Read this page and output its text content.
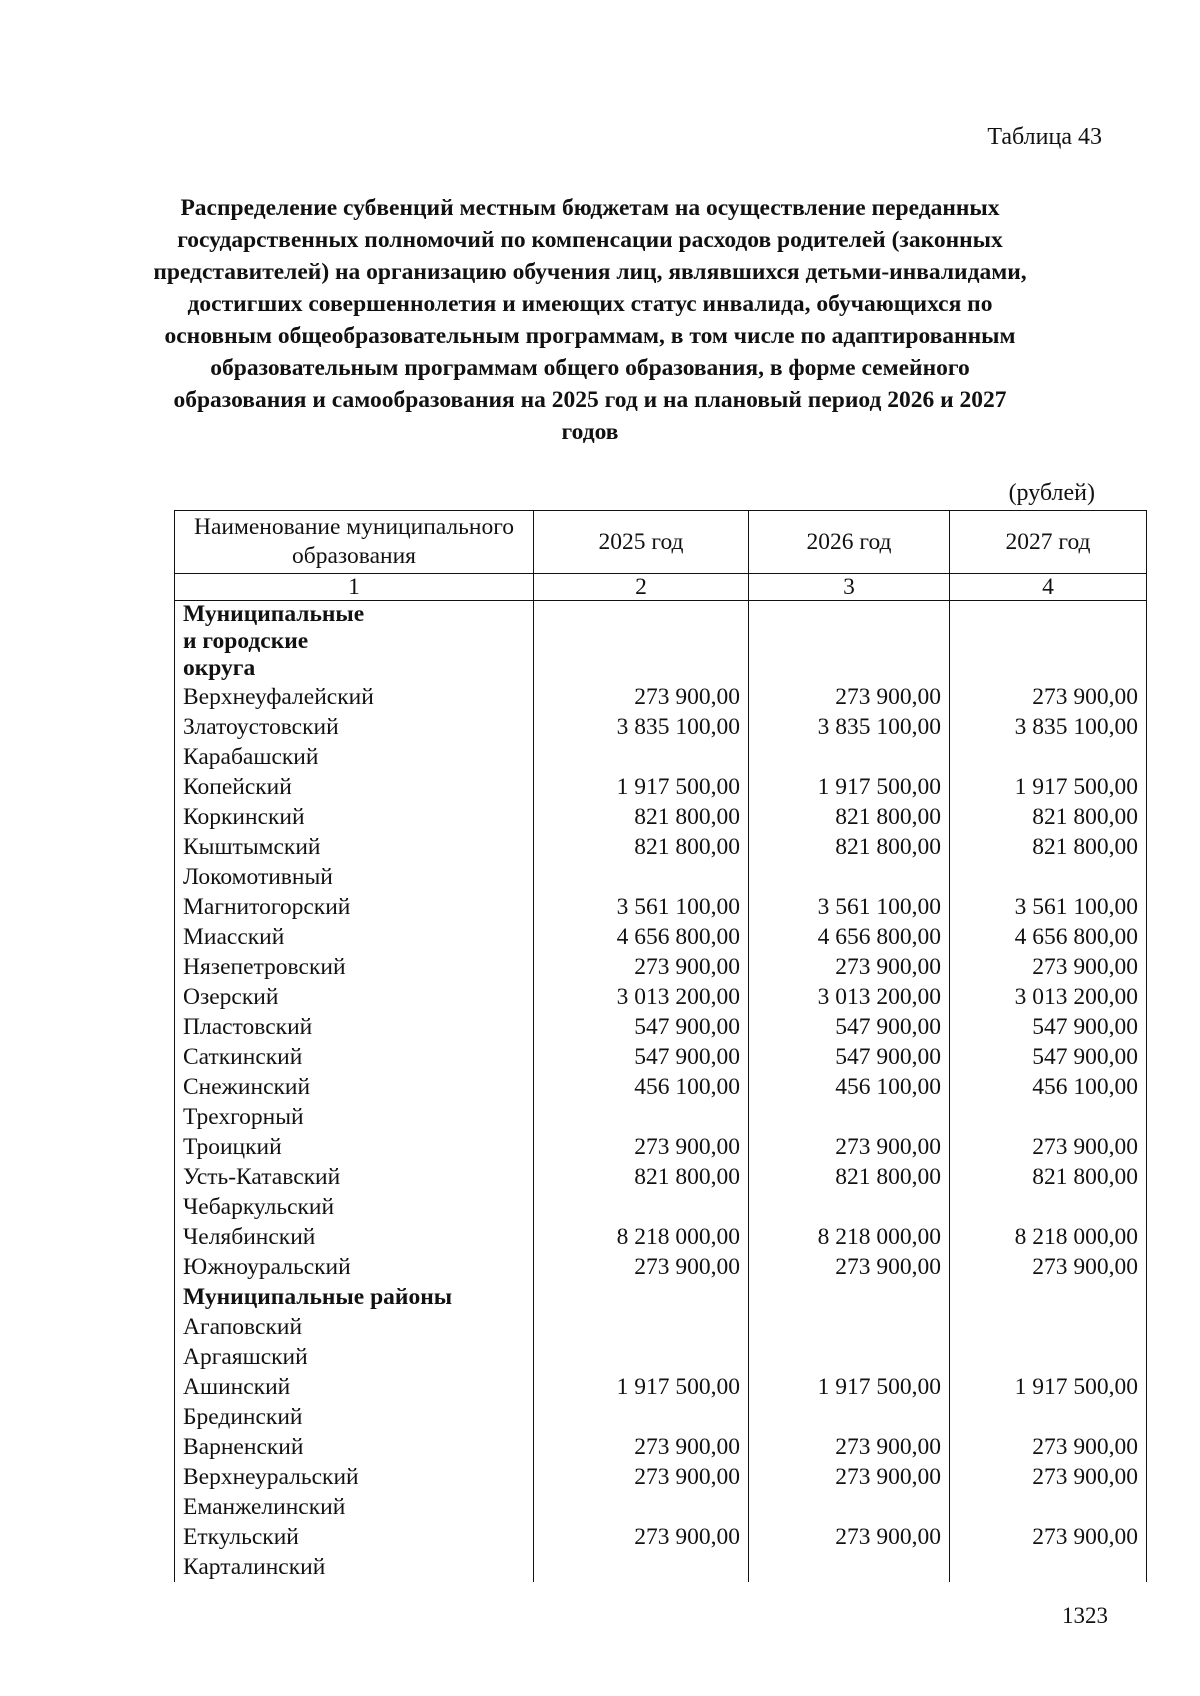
Таблица 43
Распределение субвенций местным бюджетам на осуществление переданных государственных полномочий по компенсации расходов родителей (законных представителей) на организацию обучения лиц, являвшихся детьми-инвалидами, достигших совершеннолетия и имеющих статус инвалида, обучающихся по основным общеобразовательным программам, в том числе по адаптированным образовательным программам общего образования, в форме семейного образования и самообразования на 2025 год и на плановый период 2026 и 2027 годов
(рублей)
Наименование муниципального образования	2025 год	2026 год	2027 год
1	2	3	4
Муниципальные и городские округа			
Верхнеуфалейский	273 900,00	273 900,00	273 900,00
Златоустовский	3 835 100,00	3 835 100,00	3 835 100,00
Карабашский			
Копейский	1 917 500,00	1 917 500,00	1 917 500,00
Коркинский	821 800,00	821 800,00	821 800,00
Кыштымский	821 800,00	821 800,00	821 800,00
Локомотивный			
Магнитогорский	3 561 100,00	3 561 100,00	3 561 100,00
Миасский	4 656 800,00	4 656 800,00	4 656 800,00
Нязепетровский	273 900,00	273 900,00	273 900,00
Озерский	3 013 200,00	3 013 200,00	3 013 200,00
Пластовский	547 900,00	547 900,00	547 900,00
Саткинский	547 900,00	547 900,00	547 900,00
Снежинский	456 100,00	456 100,00	456 100,00
Трехгорный			
Троицкий	273 900,00	273 900,00	273 900,00
Усть-Катавский	821 800,00	821 800,00	821 800,00
Чебаркульский			
Челябинский	8 218 000,00	8 218 000,00	8 218 000,00
Южноуральский	273 900,00	273 900,00	273 900,00
Муниципальные районы			
Агаповский			
Аргаяшский			
Ашинский	1 917 500,00	1 917 500,00	1 917 500,00
Брединский			
Варненский	273 900,00	273 900,00	273 900,00
Верхнеуральский	273 900,00	273 900,00	273 900,00
Еманжелинский			
Еткульский	273 900,00	273 900,00	273 900,00
Карталинский			
1323
